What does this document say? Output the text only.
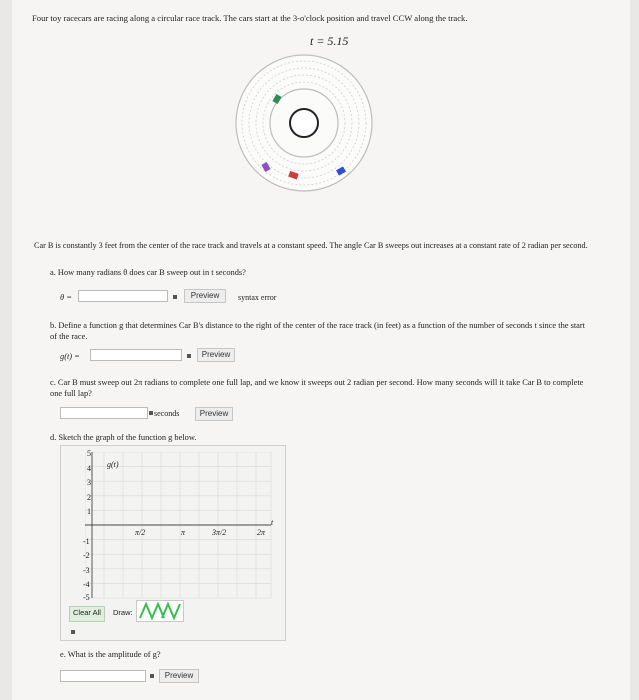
Four toy racecars are racing along a circular race track. The cars start at the 3-o'clock position and travel CCW along the track.
t = 5.15
Car B is constantly 3 feet from the center of the race track and travels at a constant speed. The angle Car B sweeps out increases at a constant rate of 2 radian per second.
a. How many radians θ does car B sweep out in t seconds?
θ =	Preview	syntax error
b. Define a function g that determines Car B's distance to the right of the center of the race track (in feet) as a function of the number of seconds t since the start of the race.
g(t) =	Preview
c. Car B must sweep out 2π radians to complete one full lap, and we know it sweeps out 2 radian per second. How many seconds will it take Car B to complete one full lap?
seconds	Preview
d. Sketch the graph of the function g below.
g(t)
t
5
4
3
2
1
-1
-2
-3
-4
-5
π/2	π	3π/2	2π
Clear All	Draw:
e. What is the amplitude of g?
Preview
